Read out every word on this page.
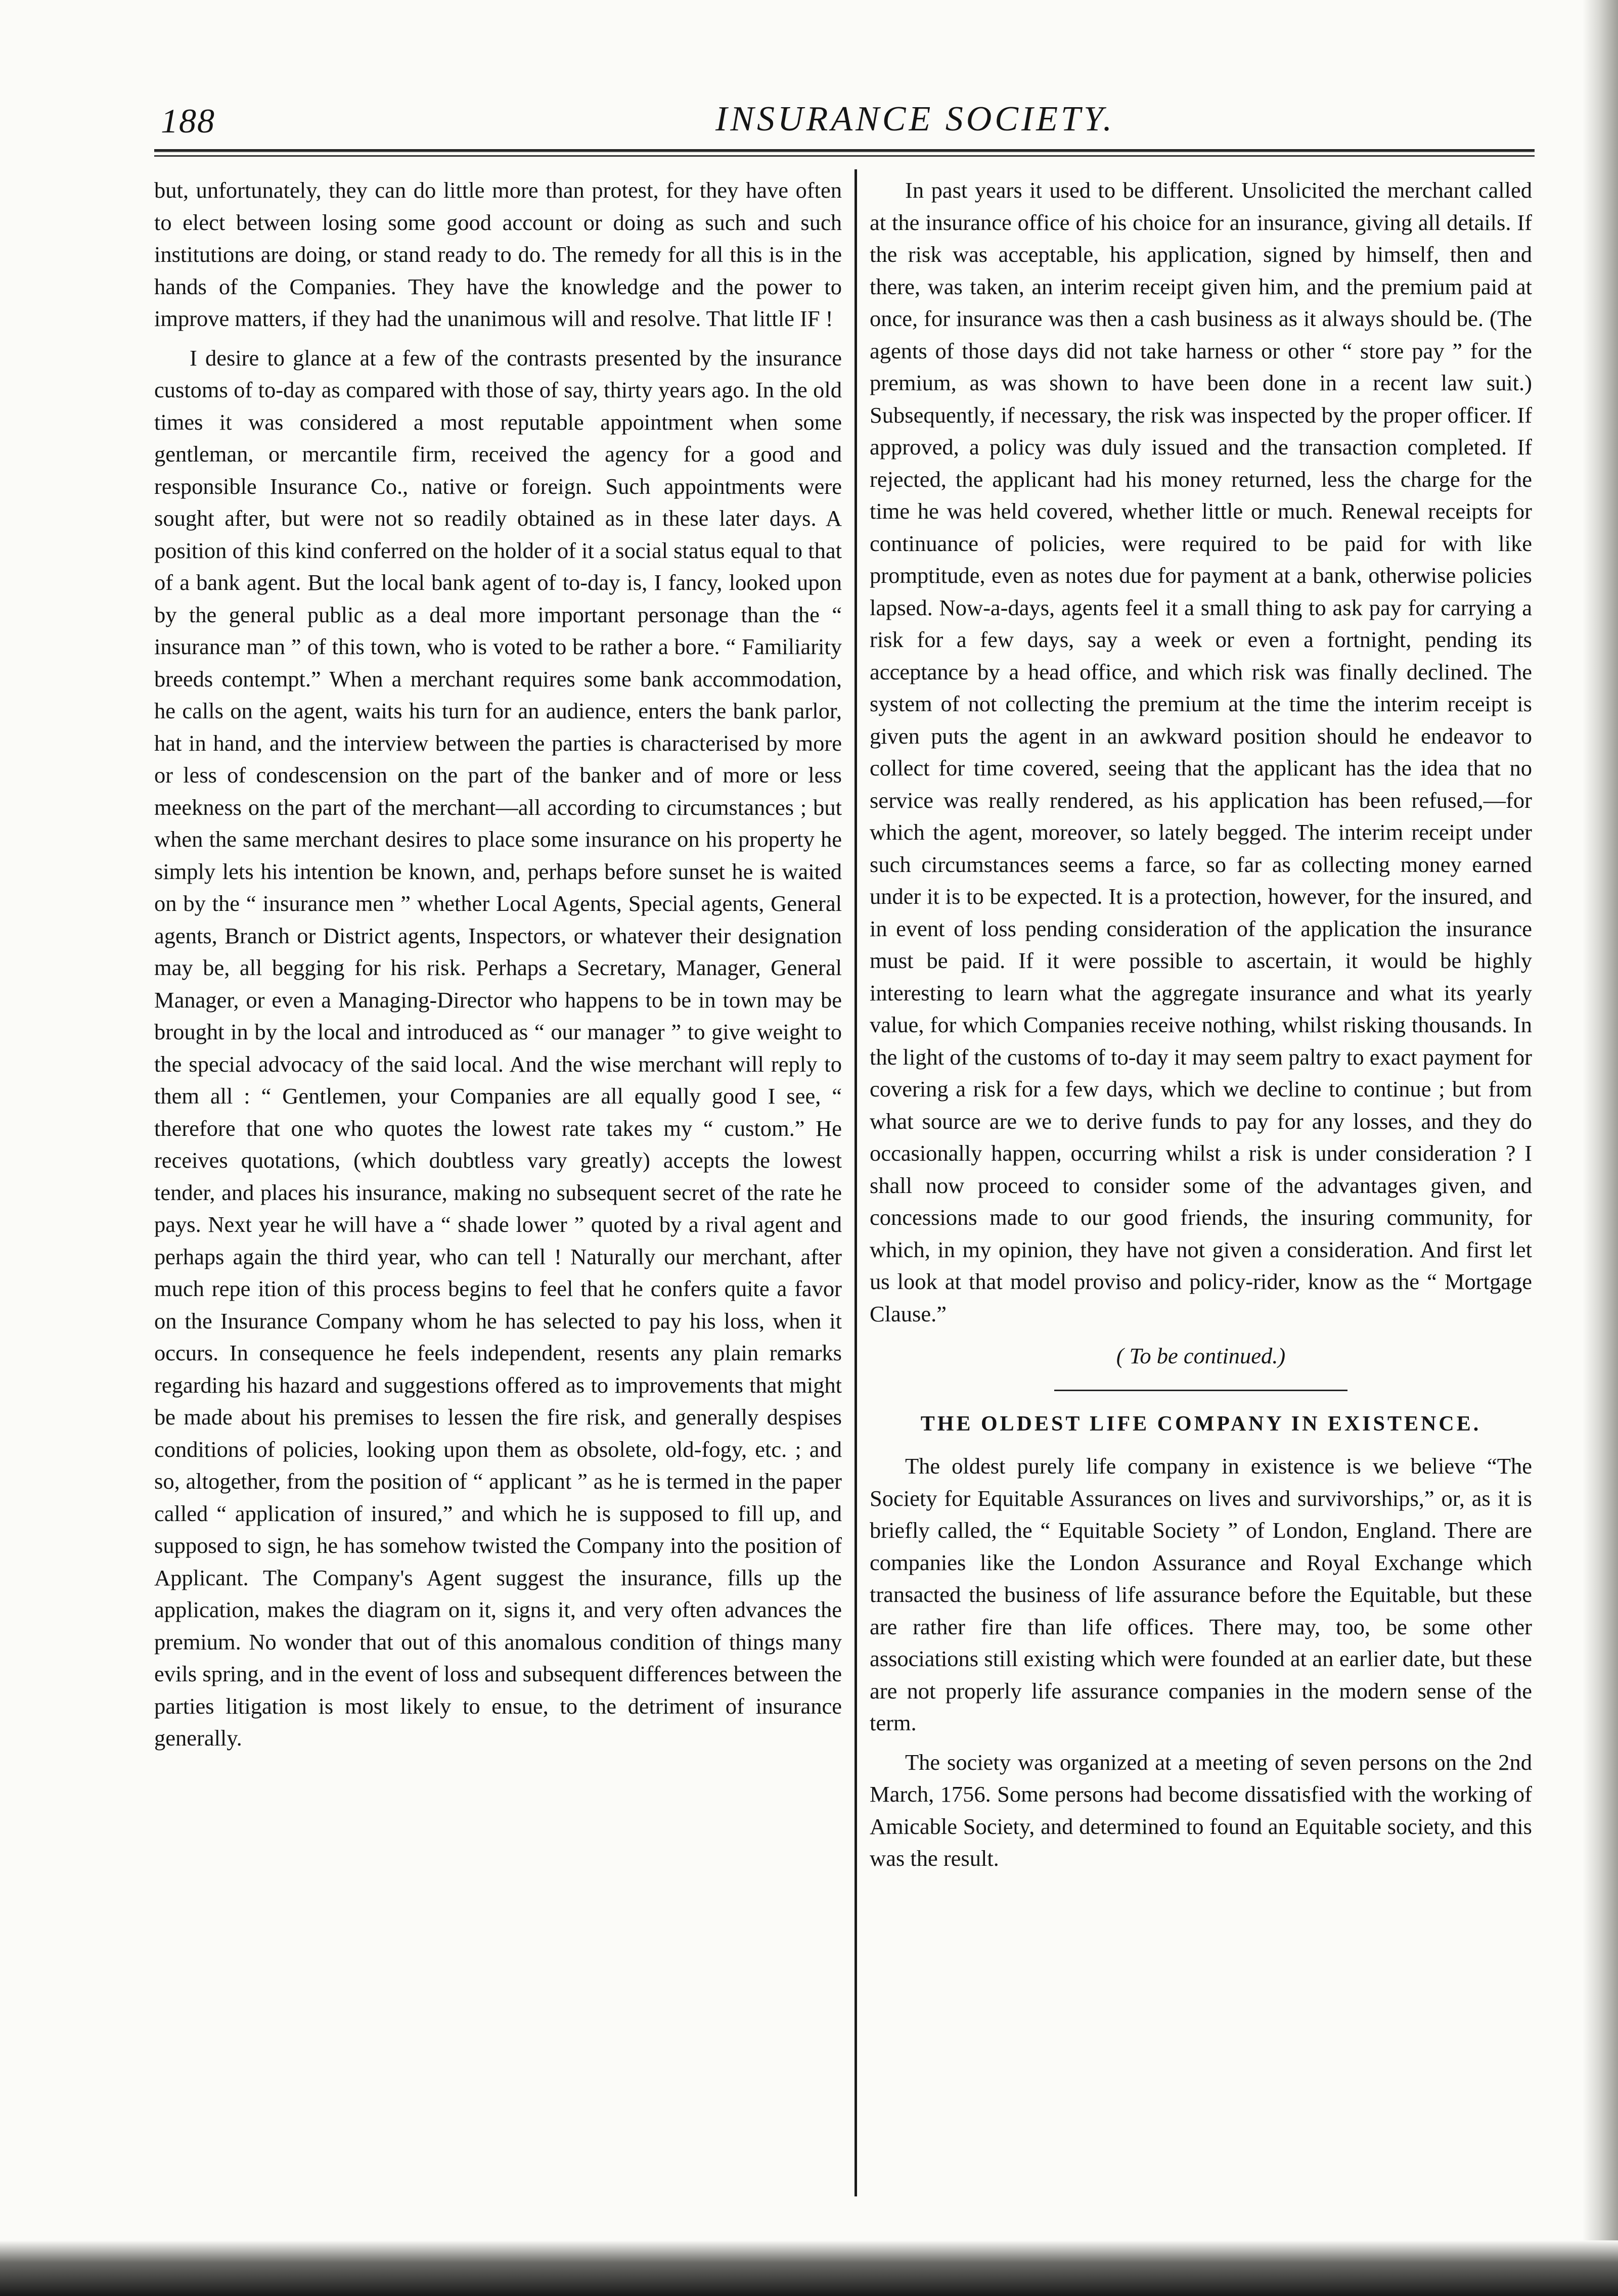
188	INSURANCE SOCIETY.

but, unfortunately, they can do little more than protest, for they have often to elect between losing some good account or doing as such and such institutions are doing, or stand ready to do. The remedy for all this is in the hands of the Companies. They have the knowledge and the power to improve matters, if they had the unanimous will and resolve. That little IF !

I desire to glance at a few of the contrasts presented by the insurance customs of to-day as compared with those of say, thirty years ago. In the old times it was considered a most reputable appointment when some gentleman, or mercantile firm, received the agency for a good and responsible Insurance Co., native or foreign. Such appointments were sought after, but were not so readily obtained as in these later days. A position of this kind conferred on the holder of it a social status equal to that of a bank agent. But the local bank agent of to-day is, I fancy, looked upon by the general public as a deal more important personage than the “ insurance man ” of this town, who is voted to be rather a bore. “ Familiarity breeds contempt.” When a merchant requires some bank accommodation, he calls on the agent, waits his turn for an audience, enters the bank parlor, hat in hand, and the interview between the parties is characterised by more or less of condescension on the part of the banker and of more or less meekness on the part of the merchant—all according to circumstances ; but when the same merchant desires to place some insurance on his property he simply lets his intention be known, and, perhaps before sunset he is waited on by the “ insurance men ” whether Local Agents, Special agents, General agents, Branch or District agents, Inspectors, or whatever their designation may be, all begging for his risk. Perhaps a Secretary, Manager, General Manager, or even a Managing-Director who happens to be in town may be brought in by the local and introduced as “ our manager ” to give weight to the special advocacy of the said local. And the wise merchant will reply to them all : “ Gentlemen, your Companies are all equally good I see, “ therefore that one who quotes the lowest rate takes my “ custom.” He receives quotations, (which doubtless vary greatly) accepts the lowest tender, and places his insurance, making no subsequent secret of the rate he pays. Next year he will have a “ shade lower ” quoted by a rival agent and perhaps again the third year, who can tell ! Naturally our merchant, after much repe ition of this process begins to feel that he confers quite a favor on the Insurance Company whom he has selected to pay his loss, when it occurs. In consequence he feels independent, resents any plain remarks regarding his hazard and suggestions offered as to improvements that might be made about his premises to lessen the fire risk, and generally despises conditions of policies, looking upon them as obsolete, old-fogy, etc. ; and so, altogether, from the position of “ applicant ” as he is termed in the paper called “ application of insured,” and which he is supposed to fill up, and supposed to sign, he has somehow twisted the Company into the position of Applicant. The Company's Agent suggest the insurance, fills up the application, makes the diagram on it, signs it, and very often advances the premium. No wonder that out of this anomalous condition of things many evils spring, and in the event of loss and subsequent differences between the parties litigation is most likely to ensue, to the detriment of insurance generally.

In past years it used to be different. Unsolicited the merchant called at the insurance office of his choice for an insurance, giving all details. If the risk was acceptable, his application, signed by himself, then and there, was taken, an interim receipt given him, and the premium paid at once, for insurance was then a cash business as it always should be. (The agents of those days did not take harness or other “ store pay ” for the premium, as was shown to have been done in a recent law suit.) Subsequently, if necessary, the risk was inspected by the proper officer. If approved, a policy was duly issued and the transaction completed. If rejected, the applicant had his money returned, less the charge for the time he was held covered, whether little or much. Renewal receipts for continuance of policies, were required to be paid for with like promptitude, even as notes due for payment at a bank, otherwise policies lapsed. Now-a-days, agents feel it a small thing to ask pay for carrying a risk for a few days, say a week or even a fortnight, pending its acceptance by a head office, and which risk was finally declined. The system of not collecting the premium at the time the interim receipt is given puts the agent in an awkward position should he endeavor to collect for time covered, seeing that the applicant has the idea that no service was really rendered, as his application has been refused,—for which the agent, moreover, so lately begged. The interim receipt under such circumstances seems a farce, so far as collecting money earned under it is to be expected. It is a protection, however, for the insured, and in event of loss pending consideration of the application the insurance must be paid. If it were possible to ascertain, it would be highly interesting to learn what the aggregate insurance and what its yearly value, for which Companies receive nothing, whilst risking thousands. In the light of the customs of to-day it may seem paltry to exact payment for covering a risk for a few days, which we decline to continue ; but from what source are we to derive funds to pay for any losses, and they do occasionally happen, occurring whilst a risk is under consideration ? I shall now proceed to consider some of the advantages given, and concessions made to our good friends, the insuring community, for which, in my opinion, they have not given a consideration. And first let us look at that model proviso and policy-rider, know as the “ Mortgage Clause.”

( To be continued.)
THE OLDEST LIFE COMPANY IN EXISTENCE.

The oldest purely life company in existence is we believe “The Society for Equitable Assurances on lives and survivorships,” or, as it is briefly called, the “ Equitable Society ” of London, England. There are companies like the London Assurance and Royal Exchange which transacted the business of life assurance before the Equitable, but these are rather fire than life offices. There may, too, be some other associations still existing which were founded at an earlier date, but these are not properly life assurance companies in the modern sense of the term.

The society was organized at a meeting of seven persons on the 2nd March, 1756. Some persons had become dissatisfied with the working of Amicable Society, and determined to found an Equitable society, and this was the result.
